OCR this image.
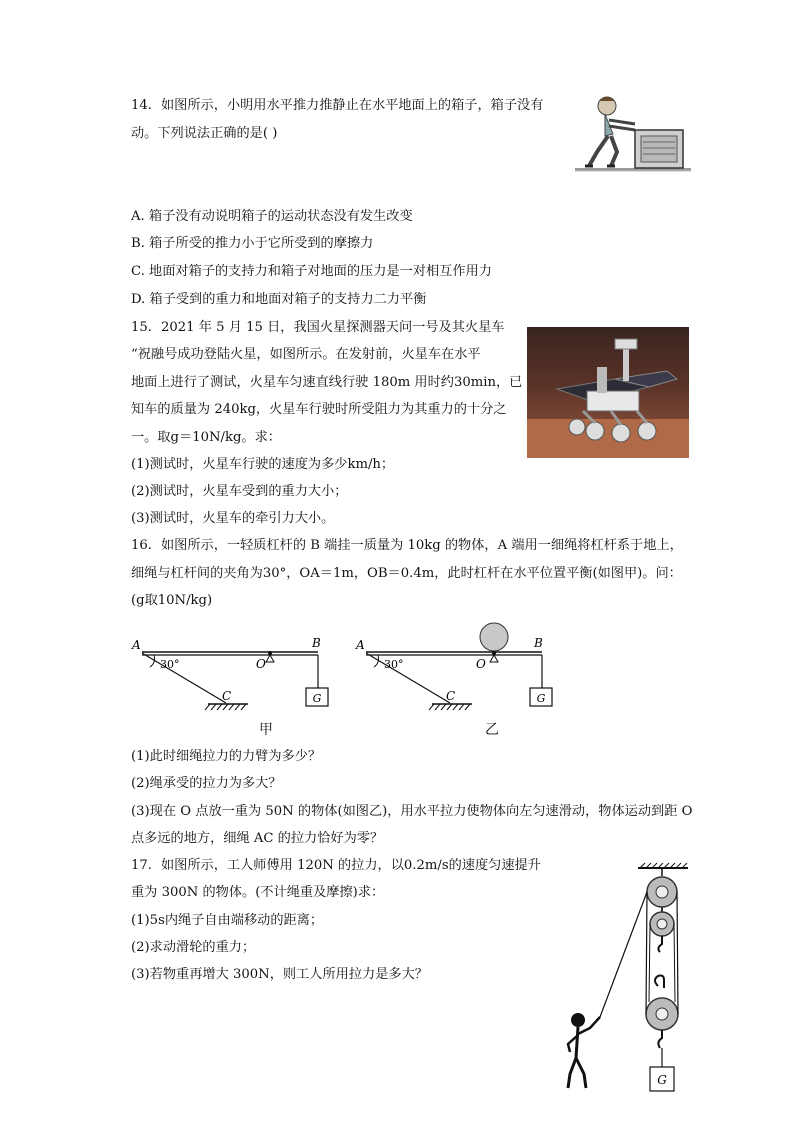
14. 如图所示，小明用水平推力推静止在水平地面上的箱子，箱子没有
动。下列说法正确的是( )
A. 箱子没有动说明箱子的运动状态没有发生改变
B. 箱子所受的推力小于它所受到的摩擦力
C. 地面对箱子的支持力和箱子对地面的压力是一对相互作用力
D. 箱子受到的重力和地面对箱子的支持力二力平衡
15. 2021 年 5 月 15 日，我国火星探测器天问一号及其火星车
“祝融号成功登陆火星，如图所示。在发射前，火星车在水平
地面上进行了测试，火星车匀速直线行驶 180m 用时约30min，已
知车的质量为 240kg，火星车行驶时所受阻力为其重力的十分之
一。取g＝10N/kg。求：
(1)测试时，火星车行驶的速度为多少km/h；
(2)测试时，火星车受到的重力大小；
(3)测试时，火星车的牵引力大小。
16. 如图所示，一轻质杠杆的 B 端挂一质量为 10kg 的物体，A 端用一细绳将杠杆系于地上，
细绳与杠杆间的夹角为30°，OA＝1m，OB＝0.4m，此时杠杆在水平位置平衡(如图甲)。问：
(g取10N/kg)
G
A	B
O
C
30°
甲
G
A	B
O
C
30°
乙
(1)此时细绳拉力的力臂为多少？
(2)绳承受的拉力为多大？
(3)现在 O 点放一重为 50N 的物体(如图乙)，用水平拉力使物体向左匀速滑动，物体运动到距 O
点多远的地方，细绳 AC 的拉力恰好为零？
17. 如图所示，工人师傅用 120N 的拉力，以0.2m/s的速度匀速提升
重为 300N 的物体。(不计绳重及摩擦)求：
(1)5s内绳子自由端移动的距离；
(2)求动滑轮的重力；
(3)若物重再增大 300N，则工人所用拉力是多大？
G
